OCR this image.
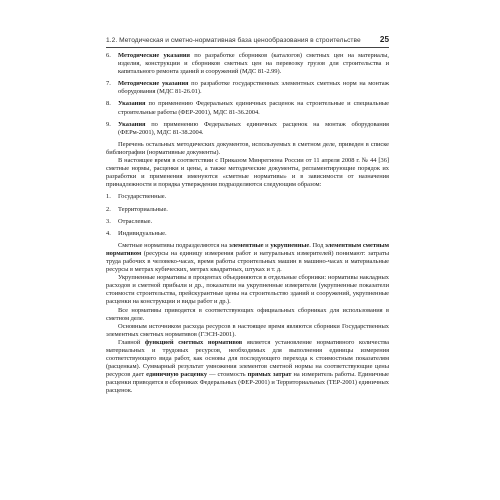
1.2. Методическая и сметно-нормативная база ценообразования в строительстве 25
6.	Методические указания по разработке сборников (каталогов) сметных цен на материалы, изделия, конструкции и сборников сметных цен на перевозку грузов для строительства и капитального ремонта зданий и сооружений (МДС 81-2.99).
7.	Методические указания по разработке государственных элементных сметных норм на монтаж оборудования (МДС 81-26.01).
8.	Указания по применению Федеральных единичных расценок на строительные и специальные строительные работы (ФЕР-2001), МДС 81-36.2004.
9.	Указания по применению Федеральных единичных расценок на монтаж оборудования (ФЕРм-2001), МДС 81-38.2004.

Перечень остальных методических документов, используемых в сметном деле, приведен в списке библиографии (нормативные документы).

В настоящее время в соответствии с Приказом Минрегиона России от 11 апреля 2008 г. № 44 [36] сметные нормы, расценки и цены, а также методические документы, регламентирующие порядок их разработки и применения именуются «сметные нормативы» и в зависимости от назначения принадлежности и порядка утверждения подразделяются следующим образом:

1.	Государственные.
2.	Территориальные.
3.	Отраслевые.
4.	Индивидуальные.

Сметные нормативы подразделяются на элементные и укрупненные. Под элементным сметным нормативом (ресурсы на единицу измерения работ и натуральных измерителей) понимают: затраты труда рабочих в человеко-часах, время работы строительных машин в машино-часах и материальные ресурсы в метрах кубических, метрах квадратных, штуках и т. д.

Укрупненные нормативы в процентах объединяются в отдельные сборники: нормативы накладных расходов и сметной прибыли и др., показатели на укрупненные измерители (укрупненные показатели стоимости строительства, прейскурантные цены на строительство зданий и сооружений, укрупненные расценки на конструкции и виды работ и др.).

Все нормативы приводятся в соответствующих официальных сборниках для использования в сметном деле.

Основным источником расхода ресурсов в настоящее время являются сборники Государственных элементных сметных нормативов (ГЭСН-2001).

Главной функцией сметных нормативов является установление нормативного количества материальных и трудовых ресурсов, необходимых для выполнения единицы измерения соответствующего вида работ, как основы для последующего перехода к стоимостным показателям (расценкам). Суммарный результат умножения элементов сметной нормы на соответствующие цены ресурсов дает единичную расценку — стоимость прямых затрат на измеритель работы. Единичные расценки приводятся в сборниках Федеральных (ФЕР-2001) и Территориальных (ТЕР-2001) единичных расценок.
